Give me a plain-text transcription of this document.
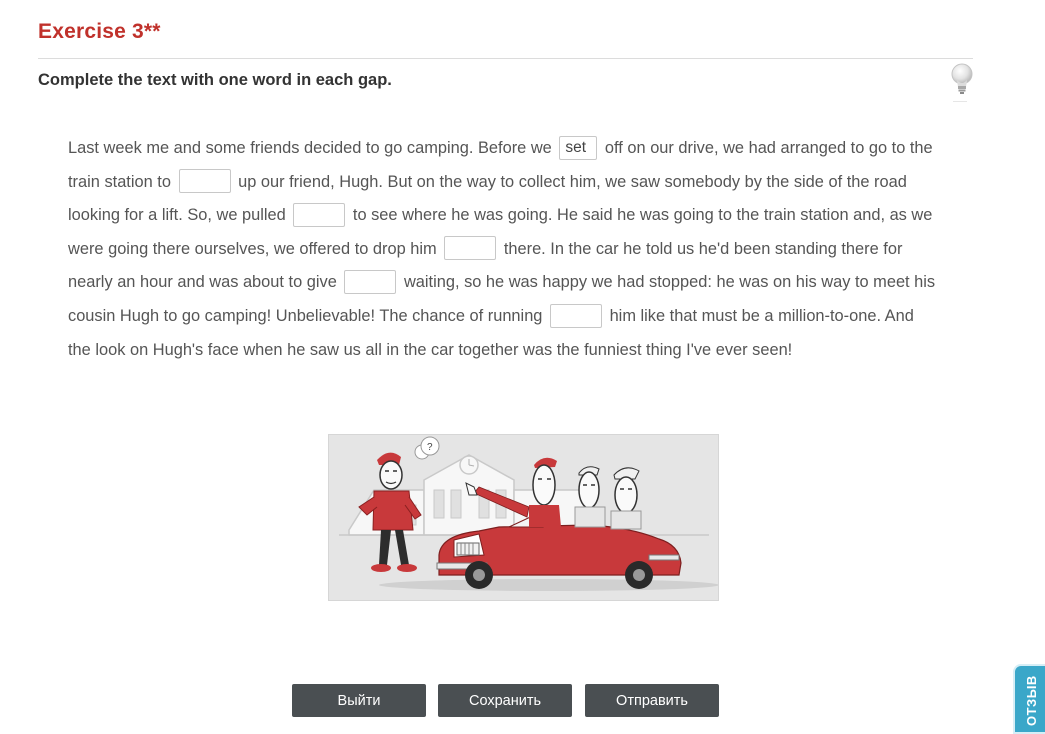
Exercise 3**
Complete the text with one word in each gap.
Last week me and some friends decided to go camping. Before we set	off on our drive, we had arranged to go to the train station to	up our friend, Hugh. But on the way to collect him, we saw somebody by the side of the road looking for a lift. So, we pulled	to see where he was going. He said he was going to the train station and, as we were going there ourselves, we offered to drop him	there. In the car he told us he'd been standing there for nearly an hour and was about to give	waiting, so he was happy we had stopped: he was on his way to meet his cousin Hugh to go camping! Unbelievable! The chance of running	him like that must be a million-to-one. And the look on Hugh's face when he saw us all in the car together was the funniest thing I've ever seen!
?
Выйти	Сохранить	Отправить	ОТЗЫВ
